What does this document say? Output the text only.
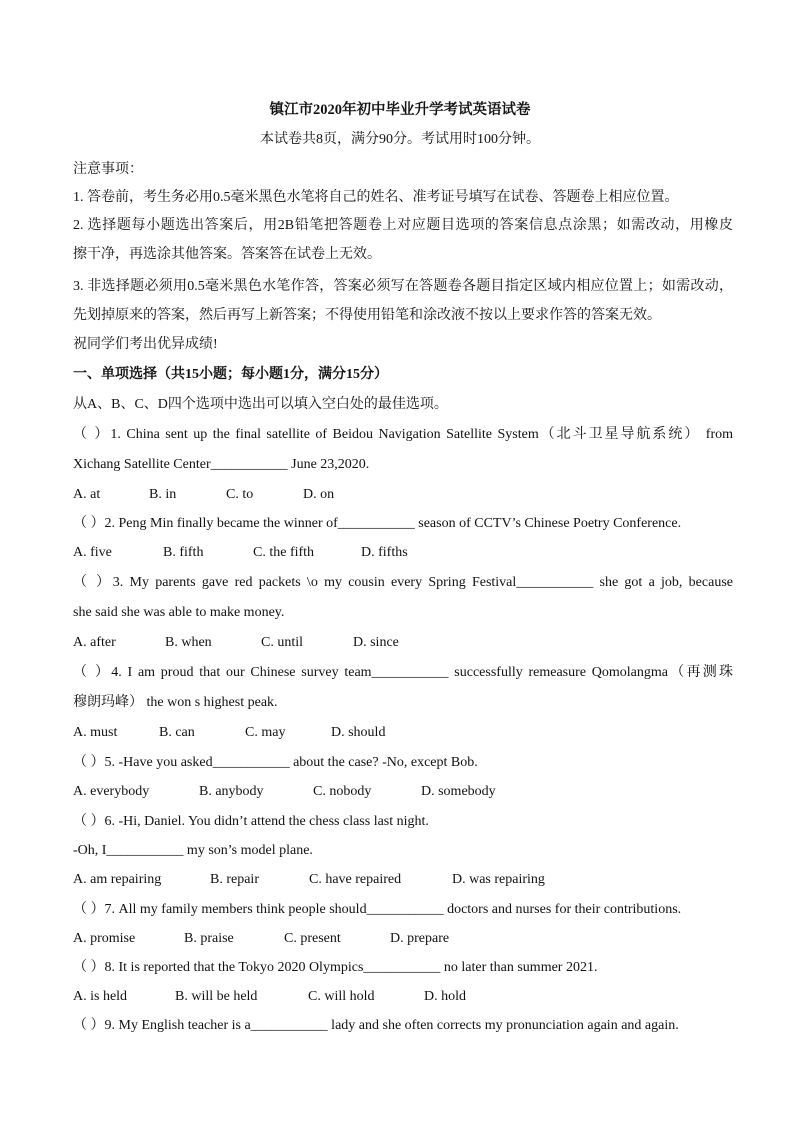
镇江市2020年初中毕业升学考试英语试卷
本试卷共8页，满分90分。考试用时100分钟。
注意事项：
1. 答卷前，考生务必用0.5毫米黑色水笔将自己的姓名、准考证号填写在试卷、答题卷上相应位置。
2. 选择题每小题选出答案后，用2B铅笔把答题卷上对应题目选项的答案信息点涂黑；如需改动，用橡皮
擦干净，再选涂其他答案。答案答在试卷上无效。
3. 非选择题必须用0.5毫米黑色水笔作答，答案必须写在答题卷各题目指定区域内相应位置上；如需改动，
先划掉原来的答案，然后再写上新答案；不得使用铅笔和涂改液不按以上要求作答的答案无效。
祝同学们考出优异成绩!
一、单项选择（共15小题；每小题1分，满分15分）
从A、B、C、D四个选项中选出可以填入空白处的最佳选项。
（ ）1. China sent up the final satellite of Beidou Navigation Satellite System（北斗卫星导航系统） from
Xichang Satellite Center___________ June 23,2020.
A. at	B. in	C. to	D. on
（ ）2. Peng Min finally became the winner of___________ season of CCTV’s Chinese Poetry Conference.
A. five	B. fifth	C. the fifth	D. fifths
（ ）3. My parents gave red packets \o my cousin every Spring Festival___________ she got a job, because
she said she was able to make money.
A. after	B. when	C. until	D. since
（ ）4. I am proud that our Chinese survey team___________ successfully remeasure Qomolangma（再测珠
穆朗玛峰） the won s highest peak.
A. must	B. can	C. may	D. should
（ ）5. -Have you asked___________ about the case? -No, except Bob.
A. everybody	B. anybody	C. nobody	D. somebody
（ ）6. -Hi, Daniel. You didn’t attend the chess class last night.
-Oh, I___________ my son’s model plane.
A. am repairing	B. repair	C. have repaired	D. was repairing
（ ）7. All my family members think people should___________ doctors and nurses for their contributions.
A. promise	B. praise	C. present	D. prepare
（ ）8. It is reported that the Tokyo 2020 Olympics___________ no later than summer 2021.
A. is held	B. will be held	C. will hold	D. hold
（ ）9. My English teacher is a___________ lady and she often corrects my pronunciation again and again.
